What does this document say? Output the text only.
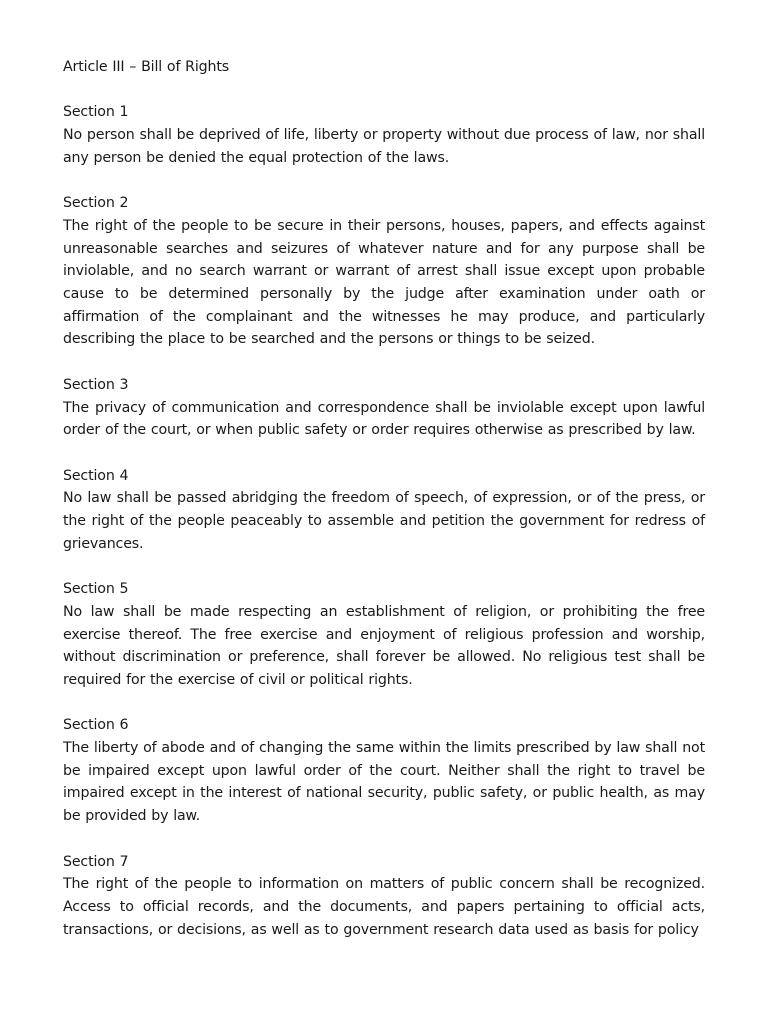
Article III – Bill of Rights
Section 1

No person shall be deprived of life, liberty or property without due process of law, nor shall any person be denied the equal protection of the laws.

Section 2

The right of the people to be secure in their persons, houses, papers, and effects against unreasonable searches and seizures of whatever nature and for any purpose shall be inviolable, and no search warrant or warrant of arrest shall issue except upon probable cause to be determined personally by the judge after examination under oath or affirmation of the complainant and the witnesses he may produce, and particularly describing the place to be searched and the persons or things to be seized.

Section 3

The privacy of communication and correspondence shall be inviolable except upon lawful order of the court, or when public safety or order requires otherwise as prescribed by law.

Section 4

No law shall be passed abridging the freedom of speech, of expression, or of the press, or the right of the people peaceably to assemble and petition the government for redress of grievances.

Section 5

No law shall be made respecting an establishment of religion, or prohibiting the free exercise thereof. The free exercise and enjoyment of religious profession and worship, without discrimination or preference, shall forever be allowed. No religious test shall be required for the exercise of civil or political rights.

Section 6

The liberty of abode and of changing the same within the limits prescribed by law shall not be impaired except upon lawful order of the court. Neither shall the right to travel be impaired except in the interest of national security, public safety, or public health, as may be provided by law.

Section 7

The right of the people to information on matters of public concern shall be recognized. Access to official records, and the documents, and papers pertaining to official acts, transactions, or decisions, as well as to government research data used as basis for policy
